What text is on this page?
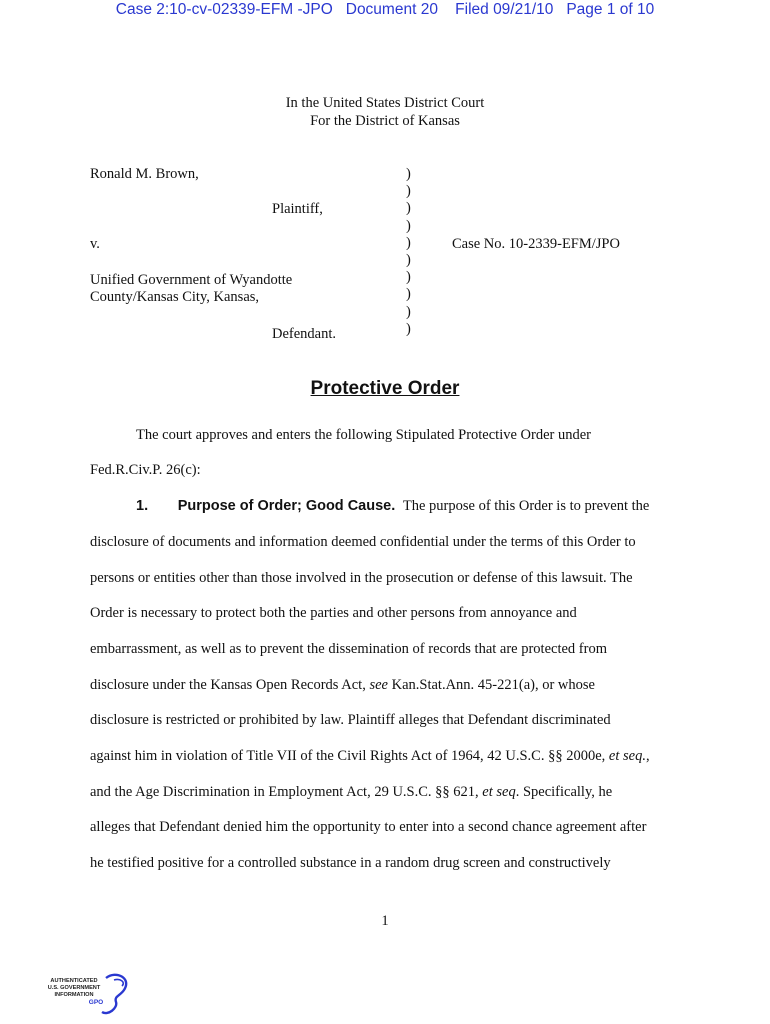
Case 2:10-cv-02339-EFM -JPO   Document 20    Filed 09/21/10   Page 1 of 10
In the United States District Court
For the District of Kansas
Ronald M. Brown,
Plaintiff,
v.
Unified Government of Wyandotte
County/Kansas City, Kansas,
Defendant.
Case No. 10-2339-EFM/JPO
)
)
)
)
)
)
)
)
)
)
Protective Order
The court approves and enters the following Stipulated Protective Order under
Fed.R.Civ.P. 26(c):
1. Purpose of Order; Good Cause. The purpose of this Order is to prevent the
disclosure of documents and information deemed confidential under the terms of this Order to
persons or entities other than those involved in the prosecution or defense of this lawsuit. The
Order is necessary to protect both the parties and other persons from annoyance and
embarrassment, as well as to prevent the dissemination of records that are protected from
disclosure under the Kansas Open Records Act, see Kan.Stat.Ann. 45-221(a), or whose
disclosure is restricted or prohibited by law. Plaintiff alleges that Defendant discriminated
against him in violation of Title VII of the Civil Rights Act of 1964, 42 U.S.C. §§ 2000e, et seq.,
and the Age Discrimination in Employment Act, 29 U.S.C. §§ 621, et seq. Specifically, he
alleges that Defendant denied him the opportunity to enter into a second chance agreement after
he testified positive for a controlled substance in a random drug screen and constructively
1
AUTHENTICATED
U.S. GOVERNMENT
INFORMATION
GPO
